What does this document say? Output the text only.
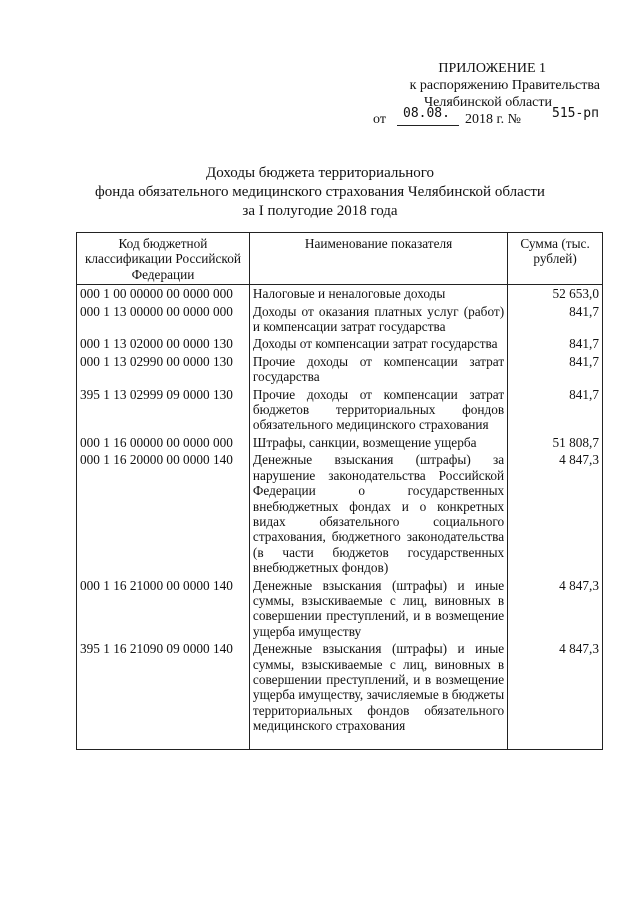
ПРИЛОЖЕНИЕ 1
к распоряжению Правительства
Челябинской области
от 08.08. 2018 г. № 515-рп
Доходы бюджета территориального
фонда обязательного медицинского страхования Челябинской области
за I полугодие 2018 года
Код бюджетной классификации Российской Федерации	Наименование показателя	Сумма (тыс. рублей)
000 1 00 00000 00 0000 000	Налоговые и неналоговые доходы	52 653,0
000 1 13 00000 00 0000 000	Доходы от оказания платных услуг (работ) и компенсации затрат государства	841,7
000 1 13 02000 00 0000 130	Доходы от компенсации затрат государства	841,7
000 1 13 02990 00 0000 130	Прочие доходы от компенсации затрат государства	841,7
395 1 13 02999 09 0000 130	Прочие доходы от компенсации затрат бюджетов территориальных фондов обязательного медицинского страхования	841,7
000 1 16 00000 00 0000 000	Штрафы, санкции, возмещение ущерба	51 808,7
000 1 16 20000 00 0000 140	Денежные взыскания (штрафы) за нарушение законодательства Российской Федерации о государственных внебюджетных фондах и о конкретных видах обязательного социального страхования, бюджетного законодательства (в части бюджетов государственных внебюджетных фондов)	4 847,3
000 1 16 21000 00 0000 140	Денежные взыскания (штрафы) и иные суммы, взыскиваемые с лиц, виновных в совершении преступлений, и в возмещение ущерба имуществу	4 847,3
395 1 16 21090 09 0000 140	Денежные взыскания (штрафы) и иные суммы, взыскиваемые с лиц, виновных в совершении преступлений, и в возмещение ущерба имуществу, зачисляемые в бюджеты территориальных фондов обязательного медицинского страхования	4 847,3
